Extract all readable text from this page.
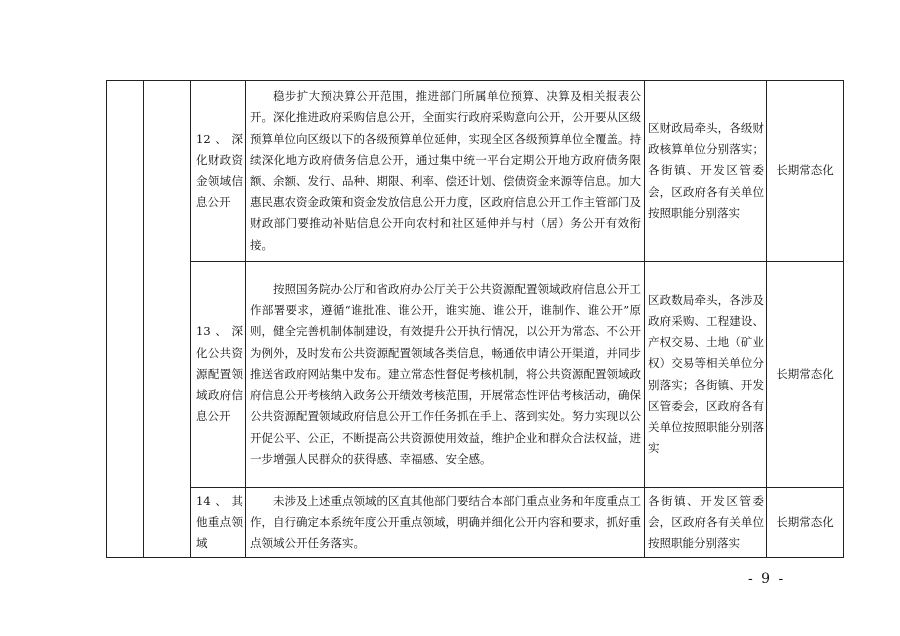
		12、深化财政资金领域信息公开	稳步扩大预决算公开范围，推进部门所属单位预算、决算及相关报表公开。深化推进政府采购信息公开，全面实行政府采购意向公开，公开要从区级预算单位向区级以下的各级预算单位延伸，实现全区各级预算单位全覆盖。持续深化地方政府债务信息公开，通过集中统一平台定期公开地方政府债务限额、余额、发行、品种、期限、利率、偿还计划、偿债资金来源等信息。加大惠民惠农资金政策和资金发放信息公开力度，区政府信息公开工作主管部门及财政部门要推动补贴信息公开向农村和社区延伸并与村（居）务公开有效衔接。	区财政局牵头，各级财政核算单位分别落实；各街镇、开发区管委会，区政府各有关单位按照职能分别落实	长期常态化
		13、深化公共资源配置领域政府信息公开	按照国务院办公厅和省政府办公厅关于公共资源配置领域政府信息公开工作部署要求，遵循“谁批准、谁公开，谁实施、谁公开，谁制作、谁公开”原则，健全完善机制体制建设，有效提升公开执行情况，以公开为常态、不公开为例外，及时发布公共资源配置领域各类信息，畅通依申请公开渠道，并同步推送省政府网站集中发布。建立常态性督促考核机制，将公共资源配置领域政府信息公开考核纳入政务公开绩效考核范围，开展常态性评估考核活动，确保公共资源配置领域政府信息公开工作任务抓在手上、落到实处。努力实现以公开促公平、公正，不断提高公共资源使用效益，维护企业和群众合法权益，进一步增强人民群众的获得感、幸福感、安全感。	区政数局牵头，各涉及政府采购、工程建设、产权交易、土地（矿业权）交易等相关单位分别落实；各街镇、开发区管委会，区政府各有关单位按照职能分别落实	长期常态化
		14、其他重点领域	未涉及上述重点领域的区直其他部门要结合本部门重点业务和年度重点工作，自行确定本系统年度公开重点领域，明确并细化公开内容和要求，抓好重点领域公开任务落实。	各街镇、开发区管委会，区政府各有关单位按照职能分别落实	长期常态化
- 9 -
